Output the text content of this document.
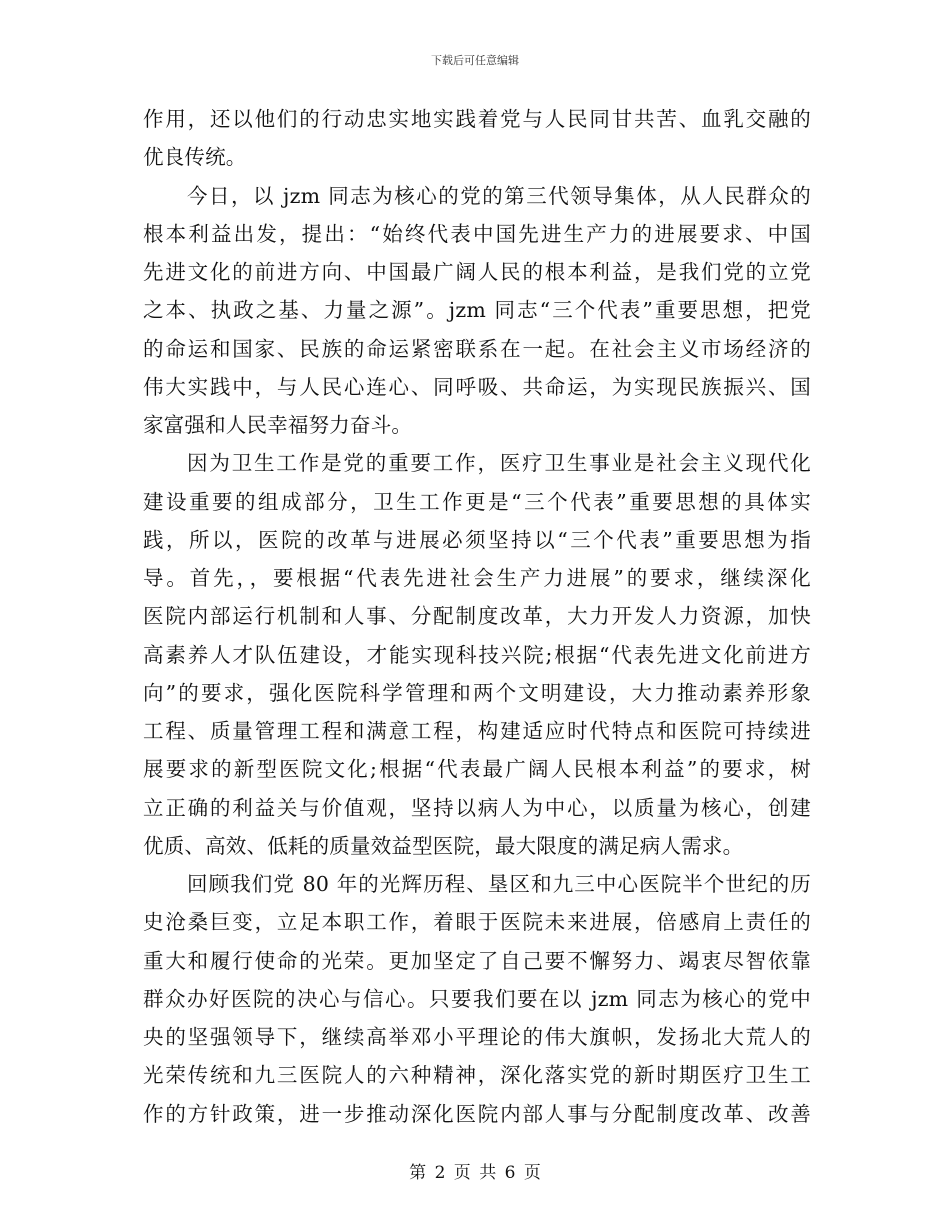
下载后可任意编辑
作用，还以他们的行动忠实地实践着党与人民同甘共苦、血乳交融的
优良传统。
今日，以 jzm 同志为核心的党的第三代领导集体，从人民群众的
根本利益出发，提出：“始终代表中国先进生产力的进展要求、中国
先进文化的前进方向、中国最广阔人民的根本利益，是我们党的立党
之本、执政之基、力量之源”。jzm 同志“三个代表”重要思想，把党
的命运和国家、民族的命运紧密联系在一起。在社会主义市场经济的
伟大实践中，与人民心连心、同呼吸、共命运，为实现民族振兴、国
家富强和人民幸福努力奋斗。
因为卫生工作是党的重要工作，医疗卫生事业是社会主义现代化
建设重要的组成部分，卫生工作更是“三个代表”重要思想的具体实
践，所以，医院的改革与进展必须坚持以“三个代表”重要思想为指
导。首先，，要根据“代表先进社会生产力进展”的要求，继续深化
医院内部运行机制和人事、分配制度改革，大力开发人力资源，加快
高素养人才队伍建设，才能实现科技兴院;根据“代表先进文化前进方
向”的要求，强化医院科学管理和两个文明建设，大力推动素养形象
工程、质量管理工程和满意工程，构建适应时代特点和医院可持续进
展要求的新型医院文化;根据“代表最广阔人民根本利益”的要求，树
立正确的利益关与价值观，坚持以病人为中心，以质量为核心，创建
优质、高效、低耗的质量效益型医院，最大限度的满足病人需求。
回顾我们党 80 年的光辉历程、垦区和九三中心医院半个世纪的历
史沧桑巨变，立足本职工作，着眼于医院未来进展，倍感肩上责任的
重大和履行使命的光荣。更加坚定了自己要不懈努力、竭衷尽智依靠
群众办好医院的决心与信心。只要我们要在以 jzm 同志为核心的党中
央的坚强领导下，继续高举邓小平理论的伟大旗帜，发扬北大荒人的
光荣传统和九三医院人的六种精神，深化落实党的新时期医疗卫生工
作的方针政策，进一步推动深化医院内部人事与分配制度改革、改善
第 2 页 共 6 页
